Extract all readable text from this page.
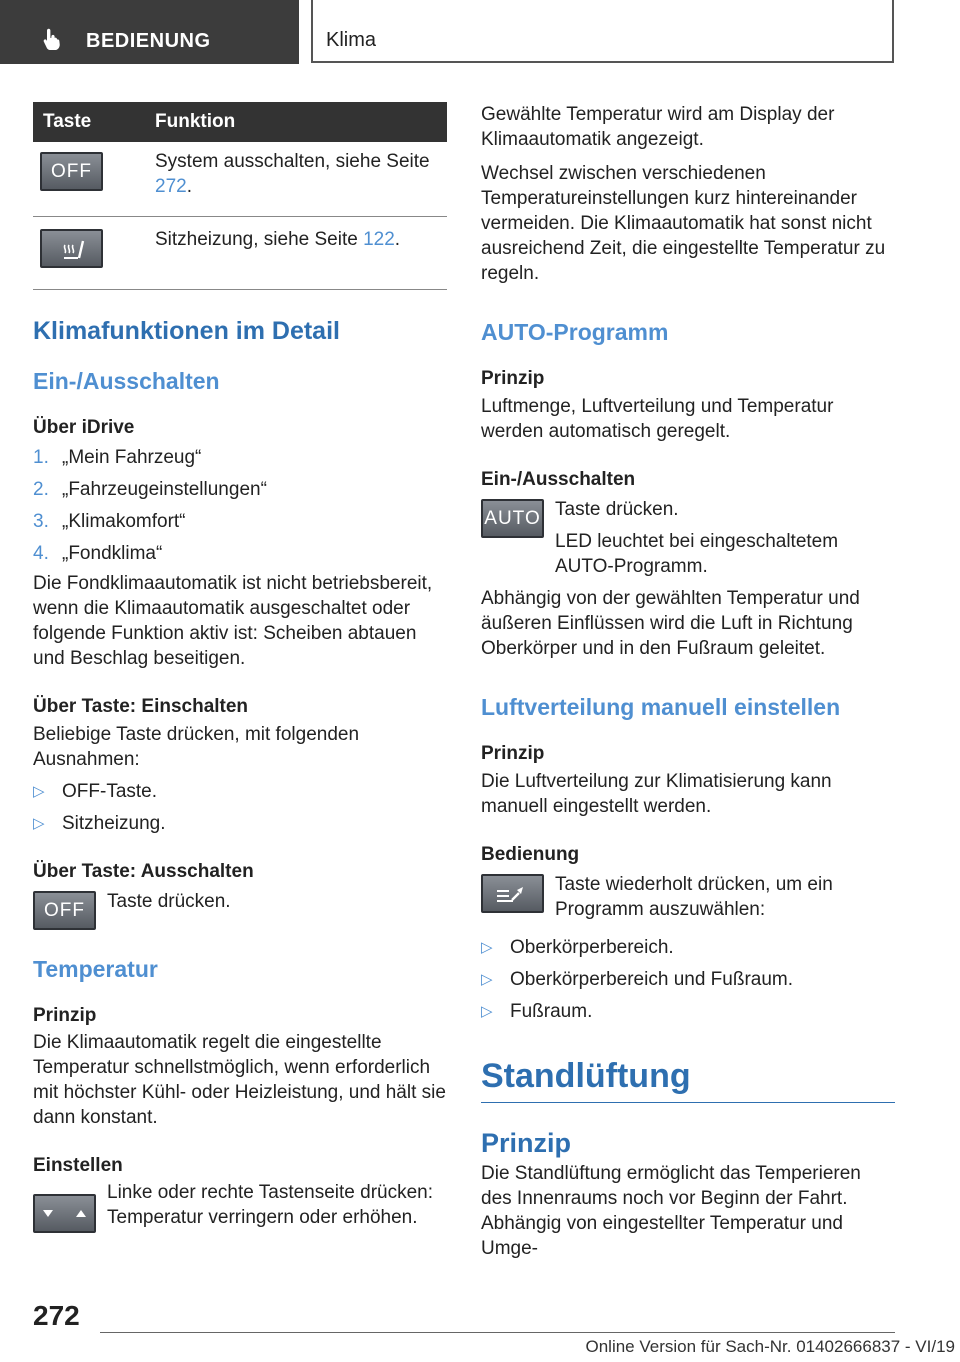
BEDIENUNG	Klima
Taste	Funktion
OFF	System ausschalten, siehe Seite 272.

	Sitzheizung, siehe Seite 122.
Klimafunktionen im Detail
Ein-/Ausschalten
Über iDrive
1. „Mein Fahrzeug“
2. „Fahrzeugeinstellungen“
3. „Klimakomfort“
4. „Fondklima“

Die Fondklimaautomatik ist nicht betriebsbereit, wenn die Klimaautomatik ausgeschaltet oder folgende Funktion aktiv ist: Scheiben abtauen und Beschlag beseitigen.

Über Taste: Einschalten

Beliebige Taste drücken, mit folgenden Ausnahmen:

▷ OFF-Taste.
▷ Sitzheizung.
Über Taste: Ausschalten
OFF	Taste drücken.
Temperatur
Prinzip

Die Klimaautomatik regelt die eingestellte Temperatur schnellstmöglich, wenn erforderlich mit höchster Kühl- oder Heizleistung, und hält sie dann konstant.

Einstellen
Linke oder rechte Tastenseite drücken: Temperatur verringern oder erhöhen.

Gewählte Temperatur wird am Display der Klimaautomatik angezeigt.

Wechsel zwischen verschiedenen Temperatureinstellungen kurz hintereinander vermeiden. Die Klimaautomatik hat sonst nicht ausreichend Zeit, die eingestellte Temperatur zu regeln.

AUTO-Programm
Prinzip

Luftmenge, Luftverteilung und Temperatur werden automatisch geregelt.

Ein-/Ausschalten
AUTO Taste drücken.
LED leuchtet bei eingeschaltetem AUTO-Programm.

Abhängig von der gewählten Temperatur und äußeren Einflüssen wird die Luft in Richtung Oberkörper und in den Fußraum geleitet.

Luftverteilung manuell einstellen
Prinzip

Die Luftverteilung zur Klimatisierung kann manuell eingestellt werden.

Bedienung
Taste wiederholt drücken, um ein Programm auszuwählen:
▷ Oberkörperbereich.
▷ Oberkörperbereich und Fußraum.
▷ Fußraum.
Standlüftung
Prinzip

Die Standlüftung ermöglicht das Temperieren des Innenraums noch vor Beginn der Fahrt. Abhängig von eingestellter Temperatur und Umge-

272
Online Version für Sach-Nr. 01402666837 - VI/19
